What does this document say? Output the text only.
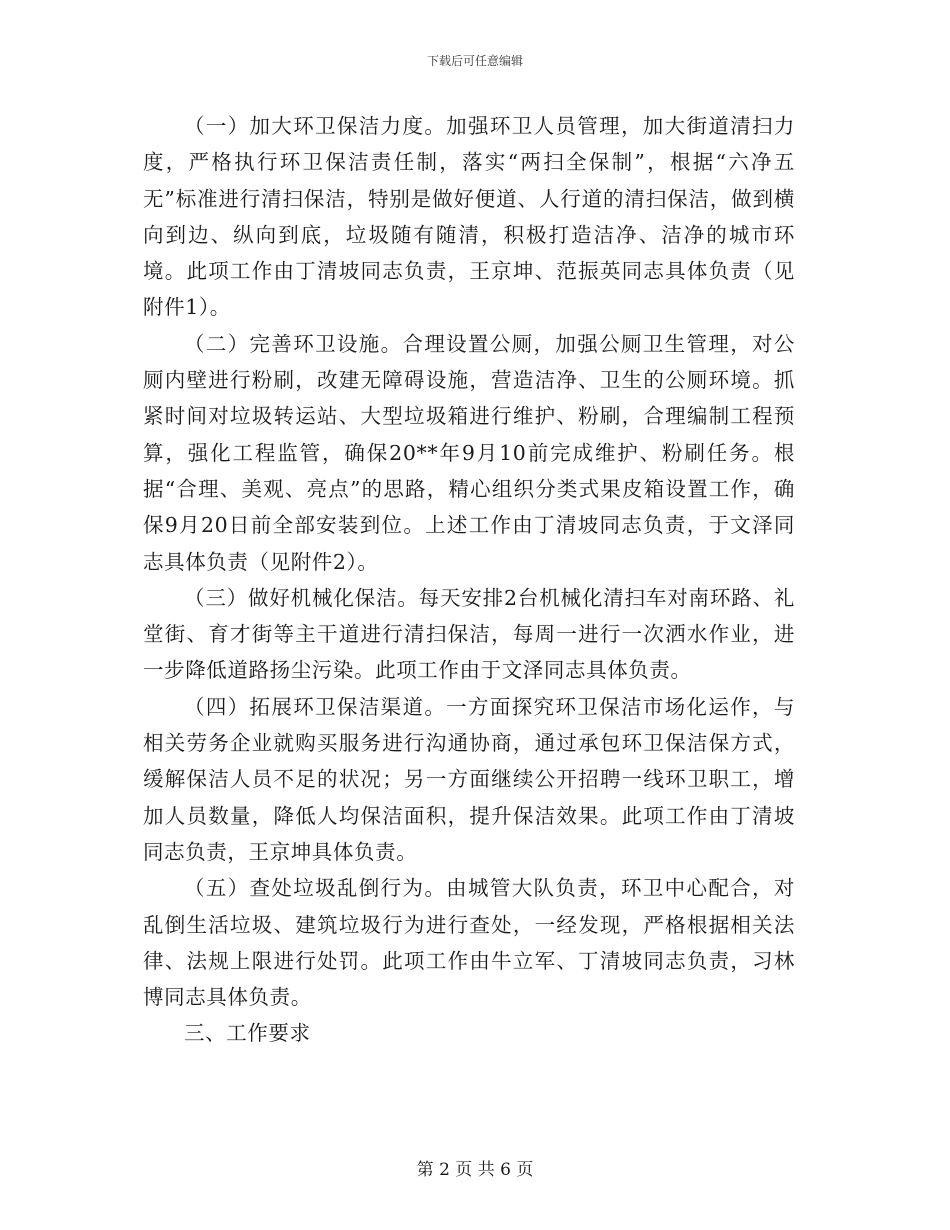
下载后可任意编辑

（一）加大环卫保洁力度。加强环卫人员管理，加大街道清扫力度，严格执行环卫保洁责任制，落实“两扫全保制”，根据“六净五无”标准进行清扫保洁，特别是做好便道、人行道的清扫保洁，做到横向到边、纵向到底，垃圾随有随清，积极打造洁净、洁净的城市环境。此项工作由丁清坡同志负责，王京坤、范振英同志具体负责（见附件1）。

（二）完善环卫设施。合理设置公厕，加强公厕卫生管理，对公厕内壁进行粉刷，改建无障碍设施，营造洁净、卫生的公厕环境。抓紧时间对垃圾转运站、大型垃圾箱进行维护、粉刷，合理编制工程预算，强化工程监管，确保20**年9月10前完成维护、粉刷任务。根据“合理、美观、亮点”的思路，精心组织分类式果皮箱设置工作，确保9月20日前全部安装到位。上述工作由丁清坡同志负责，于文泽同志具体负责（见附件2）。

（三）做好机械化保洁。每天安排2台机械化清扫车对南环路、礼堂街、育才街等主干道进行清扫保洁，每周一进行一次洒水作业，进一步降低道路扬尘污染。此项工作由于文泽同志具体负责。

（四）拓展环卫保洁渠道。一方面探究环卫保洁市场化运作，与相关劳务企业就购买服务进行沟通协商，通过承包环卫保洁保方式，缓解保洁人员不足的状况；另一方面继续公开招聘一线环卫职工，增加人员数量，降低人均保洁面积，提升保洁效果。此项工作由丁清坡同志负责，王京坤具体负责。

（五）查处垃圾乱倒行为。由城管大队负责，环卫中心配合，对乱倒生活垃圾、建筑垃圾行为进行查处，一经发现，严格根据相关法律、法规上限进行处罚。此项工作由牛立军、丁清坡同志负责，习林博同志具体负责。

三、工作要求

第 2 页 共 6 页
